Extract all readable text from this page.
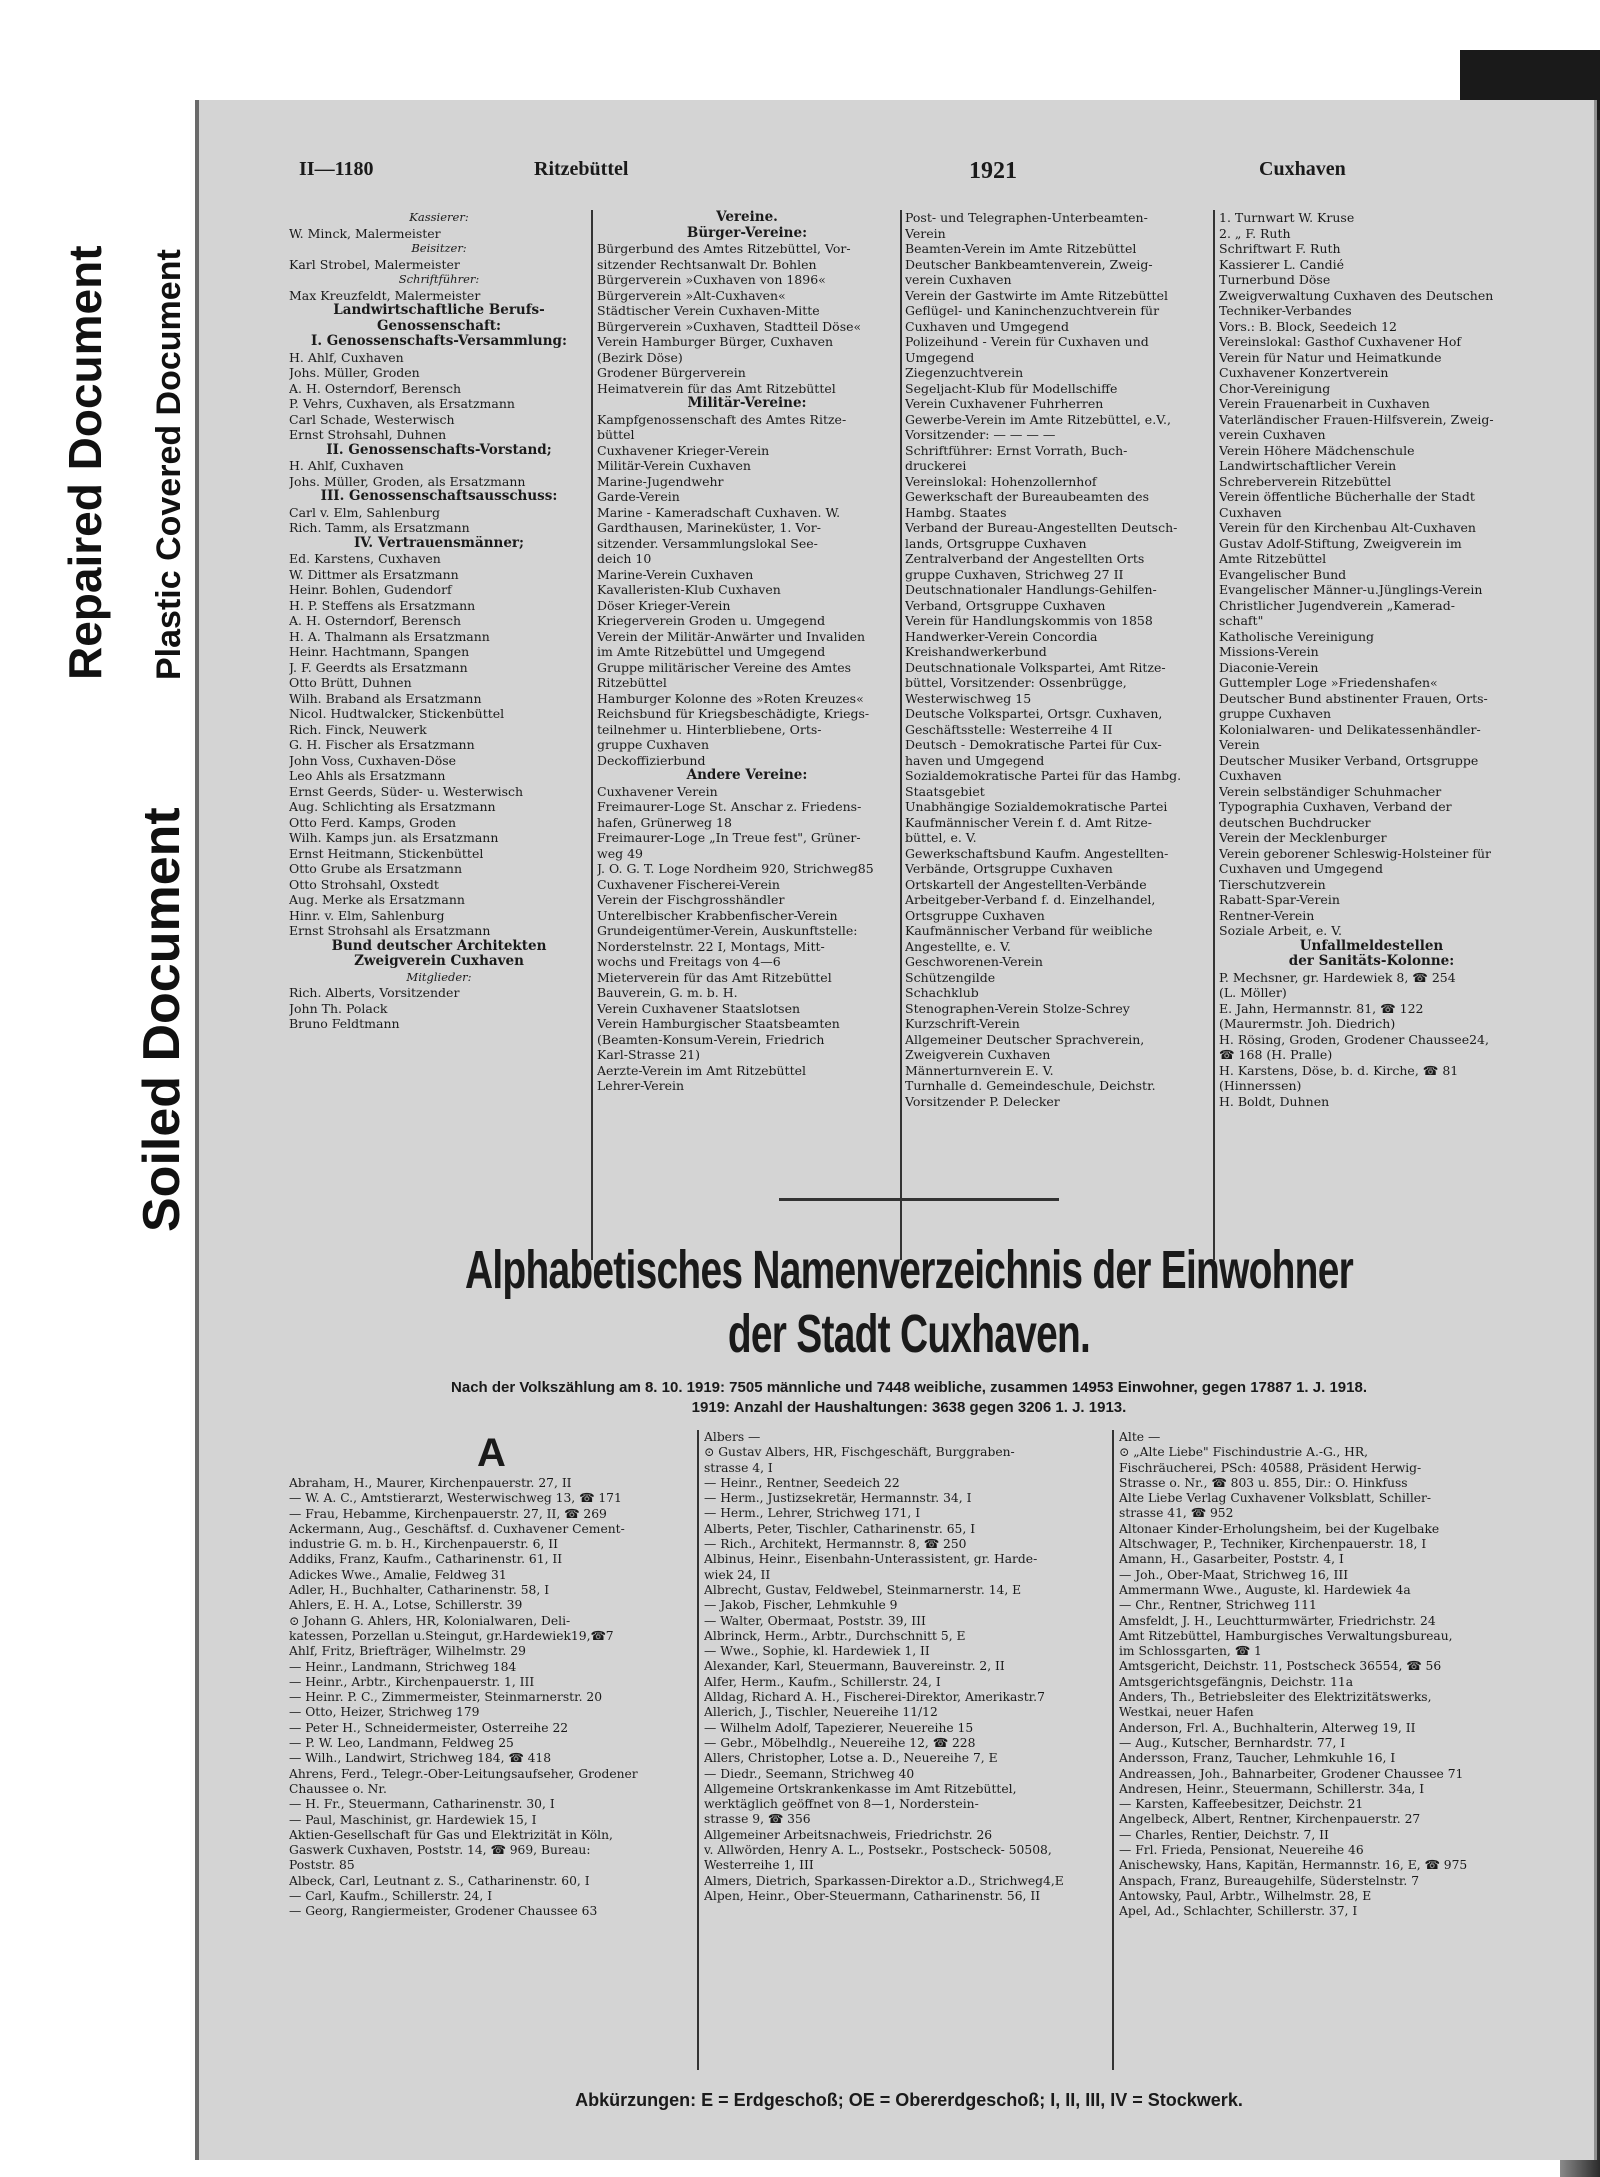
Soiled Document
Repaired Document Plastic Covered Document
II—1180	Ritzebüttel	1921	Cuxhaven
Kassierer:
W. Minck, Malermeister
Beisitzer:
Karl Strobel, Malermeister
Schriftführer:
Max Kreuzfeldt, Malermeister
Landwirtschaftliche Berufs-
Genossenschaft:
I. Genossenschafts-Versammlung:
H. Ahlf, Cuxhaven
Johs. Müller, Groden
A. H. Osterndorf, Berensch
P. Vehrs, Cuxhaven, als Ersatzmann
Carl Schade, Westerwisch
Ernst Strohsahl, Duhnen
II. Genossenschafts-Vorstand;
H. Ahlf, Cuxhaven
Johs. Müller, Groden, als Ersatzmann
III. Genossenschaftsausschuss:
Carl v. Elm, Sahlenburg
Rich. Tamm, als Ersatzmann
IV. Vertrauensmänner;
Ed. Karstens, Cuxhaven
W. Dittmer als Ersatzmann
Heinr. Bohlen, Gudendorf
H. P. Steffens als Ersatzmann
A. H. Osterndorf, Berensch
H. A. Thalmann als Ersatzmann
Heinr. Hachtmann, Spangen
J. F. Geerdts als Ersatzmann
Otto Brütt, Duhnen
Wilh. Braband als Ersatzmann
Nicol. Hudtwalcker, Stickenbüttel
Rich. Finck, Neuwerk
G. H. Fischer als Ersatzmann
John Voss, Cuxhaven-Döse
Leo Ahls als Ersatzmann
Ernst Geerds, Süder- u. Westerwisch
Aug. Schlichting als Ersatzmann
Otto Ferd. Kamps, Groden
Wilh. Kamps jun. als Ersatzmann
Ernst Heitmann, Stickenbüttel
Otto Grube als Ersatzmann
Otto Strohsahl, Oxstedt
Aug. Merke als Ersatzmann
Hinr. v. Elm, Sahlenburg
Ernst Strohsahl als Ersatzmann
Bund deutscher Architekten
Zweigverein Cuxhaven
Mitglieder:
Rich. Alberts, Vorsitzender
John Th. Polack
Bruno Feldtmann
Vereine.
Bürger-Vereine:
Bürgerbund des Amtes Ritzebüttel, Vor-
sitzender Rechtsanwalt Dr. Bohlen
Bürgerverein »Cuxhaven von 1896«
Bürgerverein »Alt-Cuxhaven«
Städtischer Verein Cuxhaven-Mitte
Bürgerverein »Cuxhaven, Stadtteil Döse«
Verein Hamburger Bürger, Cuxhaven
(Bezirk Döse)
Grodener Bürgerverein
Heimatverein für das Amt Ritzebüttel
Militär-Vereine:
Kampfgenossenschaft des Amtes Ritze-
büttel
Cuxhavener Krieger-Verein
Militär-Verein Cuxhaven
Marine-Jugendwehr
Garde-Verein
Marine - Kameradschaft Cuxhaven. W.
Gardthausen, Marineküster, 1. Vor-
sitzender. Versammlungslokal See-
deich 10
Marine-Verein Cuxhaven
Kavalleristen-Klub Cuxhaven
Döser Krieger-Verein
Kriegerverein Groden u. Umgegend
Verein der Militär-Anwärter und Invaliden
im Amte Ritzebüttel und Umgegend
Gruppe militärischer Vereine des Amtes
Ritzebüttel
Hamburger Kolonne des »Roten Kreuzes«
Reichsbund für Kriegsbeschädigte, Kriegs-
teilnehmer u. Hinterbliebene, Orts-
gruppe Cuxhaven
Deckoffizierbund
Andere Vereine:
Cuxhavener Verein
Freimaurer-Loge St. Anschar z. Friedens-
hafen, Grünerweg 18
Freimaurer-Loge „In Treue fest", Grüner-
weg 49
J. O. G. T. Loge Nordheim 920, Strichweg85
Cuxhavener Fischerei-Verein
Verein der Fischgrosshändler
Unterelbischer Krabbenfischer-Verein
Grundeigentümer-Verein, Auskunftstelle:
Norderstelnstr. 22 I, Montags, Mitt-
wochs und Freitags von 4—6
Mieterverein für das Amt Ritzebüttel
Bauverein, G. m. b. H.
Verein Cuxhavener Staatslotsen
Verein Hamburgischer Staatsbeamten
(Beamten-Konsum-Verein, Friedrich
Karl-Strasse 21)
Aerzte-Verein im Amt Ritzebüttel
Lehrer-Verein
Post- und Telegraphen-Unterbeamten-
Verein
Beamten-Verein im Amte Ritzebüttel
Deutscher Bankbeamtenverein, Zweig-
verein Cuxhaven
Verein der Gastwirte im Amte Ritzebüttel
Geflügel- und Kaninchenzuchtverein für
Cuxhaven und Umgegend
Polizeihund - Verein für Cuxhaven und
Umgegend
Ziegenzuchtverein
Segeljacht-Klub für Modellschiffe
Verein Cuxhavener Fuhrherren
Gewerbe-Verein im Amte Ritzebüttel, e.V.,
Vorsitzender: — — — —
Schriftführer: Ernst Vorrath, Buch-
druckerei
Vereinslokal: Hohenzollernhof
Gewerkschaft der Bureaubeamten des
Hambg. Staates
Verband der Bureau-Angestellten Deutsch-
lands, Ortsgruppe Cuxhaven
Zentralverband der Angestellten Orts
gruppe Cuxhaven, Strichweg 27 II
Deutschnationaler Handlungs-Gehilfen-
Verband, Ortsgruppe Cuxhaven
Verein für Handlungskommis von 1858
Handwerker-Verein Concordia
Kreishandwerkerbund
Deutschnationale Volkspartei, Amt Ritze-
büttel, Vorsitzender: Ossenbrügge,
Westerwischweg 15
Deutsche Volkspartei, Ortsgr. Cuxhaven,
Geschäftsstelle: Westerreihe 4 II
Deutsch - Demokratische Partei für Cux-
haven und Umgegend
Sozialdemokratische Partei für das Hambg.
Staatsgebiet
Unabhängige Sozialdemokratische Partei
Kaufmännischer Verein f. d. Amt Ritze-
büttel, e. V.
Gewerkschaftsbund Kaufm. Angestellten-
Verbände, Ortsgruppe Cuxhaven
Ortskartell der Angestellten-Verbände
Arbeitgeber-Verband f. d. Einzelhandel,
Ortsgruppe Cuxhaven
Kaufmännischer Verband für weibliche
Angestellte, e. V.
Geschworenen-Verein
Schützengilde
Schachklub
Stenographen-Verein Stolze-Schrey
Kurzschrift-Verein
Allgemeiner Deutscher Sprachverein,
Zweigverein Cuxhaven
Männerturnverein E. V.
Turnhalle d. Gemeindeschule, Deichstr.
Vorsitzender P. Delecker
1. Turnwart W. Kruse
2. „ F. Ruth
Schriftwart F. Ruth
Kassierer L. Candié
Turnerbund Döse
Zweigverwaltung Cuxhaven des Deutschen
Techniker-Verbandes
Vors.: B. Block, Seedeich 12
Vereinslokal: Gasthof Cuxhavener Hof
Verein für Natur und Heimatkunde
Cuxhavener Konzertverein
Chor-Vereinigung
Verein Frauenarbeit in Cuxhaven
Vaterländischer Frauen-Hilfsverein, Zweig-
verein Cuxhaven
Verein Höhere Mädchenschule
Landwirtschaftlicher Verein
Schreberverein Ritzebüttel
Verein öffentliche Bücherhalle der Stadt
Cuxhaven
Verein für den Kirchenbau Alt-Cuxhaven
Gustav Adolf-Stiftung, Zweigverein im
Amte Ritzebüttel
Evangelischer Bund
Evangelischer Männer-u.Jünglings-Verein
Christlicher Jugendverein „Kamerad-
schaft"
Katholische Vereinigung
Missions-Verein
Diaconie-Verein
Guttempler Loge »Friedenshafen«
Deutscher Bund abstinenter Frauen, Orts-
gruppe Cuxhaven
Kolonialwaren- und Delikatessenhändler-
Verein
Deutscher Musiker Verband, Ortsgruppe
Cuxhaven
Verein selbständiger Schuhmacher
Typographia Cuxhaven, Verband der
deutschen Buchdrucker
Verein der Mecklenburger
Verein geborener Schleswig-Holsteiner für
Cuxhaven und Umgegend
Tierschutzverein
Rabatt-Spar-Verein
Rentner-Verein
Soziale Arbeit, e. V.
Unfallmeldestellen
der Sanitäts-Kolonne:
P. Mechsner, gr. Hardewiek 8, ☎ 254
(L. Möller)
E. Jahn, Hermannstr. 81, ☎ 122
(Maurermstr. Joh. Diedrich)
H. Rösing, Groden, Grodener Chaussee24,
☎ 168 (H. Pralle)
H. Karstens, Döse, b. d. Kirche, ☎ 81
(Hinnerssen)
H. Boldt, Duhnen
Alphabetisches Namenverzeichnis der Einwohner
der Stadt Cuxhaven.
Nach der Volkszählung am 8. 10. 1919: 7505 männliche und 7448 weibliche, zusammen 14953 Einwohner, gegen 17887 1. J. 1918.
1919: Anzahl der Haushaltungen: 3638 gegen 3206 1. J. 1913.
A
Abraham, H., Maurer, Kirchenpauerstr. 27, II
— W. A. C., Amtstierarzt, Westerwischweg 13, ☎ 171
— Frau, Hebamme, Kirchenpauerstr. 27, II, ☎ 269
Ackermann, Aug., Geschäftsf. d. Cuxhavener Cement-
industrie G. m. b. H., Kirchenpauerstr. 6, II
Addiks, Franz, Kaufm., Catharinenstr. 61, II
Adickes Wwe., Amalie, Feldweg 31
Adler, H., Buchhalter, Catharinenstr. 58, I
Ahlers, E. H. A., Lotse, Schillerstr. 39
⊙ Johann G. Ahlers, HR, Kolonialwaren, Deli-
katessen, Porzellan u.Steingut, gr.Hardewiek19,☎7
Ahlf, Fritz, Briefträger, Wilhelmstr. 29
— Heinr., Landmann, Strichweg 184
— Heinr., Arbtr., Kirchenpauerstr. 1, III
— Heinr. P. C., Zimmermeister, Steinmarnerstr. 20
— Otto, Heizer, Strichweg 179
— Peter H., Schneidermeister, Osterreihe 22
— P. W. Leo, Landmann, Feldweg 25
— Wilh., Landwirt, Strichweg 184, ☎ 418
Ahrens, Ferd., Telegr.-Ober-Leitungsaufseher, Grodener
Chaussee o. Nr.
— H. Fr., Steuermann, Catharinenstr. 30, I
— Paul, Maschinist, gr. Hardewiek 15, I
Aktien-Gesellschaft für Gas und Elektrizität in Köln,
Gaswerk Cuxhaven, Poststr. 14, ☎ 969, Bureau:
Poststr. 85
Albeck, Carl, Leutnant z. S., Catharinenstr. 60, I
— Carl, Kaufm., Schillerstr. 24, I
— Georg, Rangiermeister, Grodener Chaussee 63
Albers —
⊙ Gustav Albers, HR, Fischgeschäft, Burggraben-
strasse 4, I
— Heinr., Rentner, Seedeich 22
— Herm., Justizsekretär, Hermannstr. 34, I
— Herm., Lehrer, Strichweg 171, I
Alberts, Peter, Tischler, Catharinenstr. 65, I
— Rich., Architekt, Hermannstr. 8, ☎ 250
Albinus, Heinr., Eisenbahn-Unterassistent, gr. Harde-
wiek 24, II
Albrecht, Gustav, Feldwebel, Steinmarnerstr. 14, E
— Jakob, Fischer, Lehmkuhle 9
— Walter, Obermaat, Poststr. 39, III
Albrinck, Herm., Arbtr., Durchschnitt 5, E
— Wwe., Sophie, kl. Hardewiek 1, II
Alexander, Karl, Steuermann, Bauvereinstr. 2, II
Alfer, Herm., Kaufm., Schillerstr. 24, I
Alldag, Richard A. H., Fischerei-Direktor, Amerikastr.7
Allerich, J., Tischler, Neuereihe 11/12
— Wilhelm Adolf, Tapezierer, Neuereihe 15
— Gebr., Möbelhdlg., Neuereihe 12, ☎ 228
Allers, Christopher, Lotse a. D., Neuereihe 7, E
— Diedr., Seemann, Strichweg 40
Allgemeine Ortskrankenkasse im Amt Ritzebüttel,
werktäglich geöffnet von 8—1, Norderstein-
strasse 9, ☎ 356
Allgemeiner Arbeitsnachweis, Friedrichstr. 26
v. Allwörden, Henry A. L., Postsekr., Postscheck- 50508,
Westerreihe 1, III
Almers, Dietrich, Sparkassen-Direktor a.D., Strichweg4,E
Alpen, Heinr., Ober-Steuermann, Catharinenstr. 56, II
Alte —
⊙ „Alte Liebe" Fischindustrie A.-G., HR,
Fischräucherei, PSch: 40588, Präsident Herwig-
Strasse o. Nr., ☎ 803 u. 855, Dir.: O. Hinkfuss
Alte Liebe Verlag Cuxhavener Volksblatt, Schiller-
strasse 41, ☎ 952
Altonaer Kinder-Erholungsheim, bei der Kugelbake
Altschwager, P., Techniker, Kirchenpauerstr. 18, I
Amann, H., Gasarbeiter, Poststr. 4, I
— Joh., Ober-Maat, Strichweg 16, III
Ammermann Wwe., Auguste, kl. Hardewiek 4a
— Chr., Rentner, Strichweg 111
Amsfeldt, J. H., Leuchtturmwärter, Friedrichstr. 24
Amt Ritzebüttel, Hamburgisches Verwaltungsbureau,
im Schlossgarten, ☎ 1
Amtsgericht, Deichstr. 11, Postscheck 36554, ☎ 56
Amtsgerichtsgefängnis, Deichstr. 11a
Anders, Th., Betriebsleiter des Elektrizitätswerks,
Westkai, neuer Hafen
Anderson, Frl. A., Buchhalterin, Alterweg 19, II
— Aug., Kutscher, Bernhardstr. 77, I
Andersson, Franz, Taucher, Lehmkuhle 16, I
Andreassen, Joh., Bahnarbeiter, Grodener Chaussee 71
Andresen, Heinr., Steuermann, Schillerstr. 34a, I
— Karsten, Kaffeebesitzer, Deichstr. 21
Angelbeck, Albert, Rentner, Kirchenpauerstr. 27
— Charles, Rentier, Deichstr. 7, II
— Frl. Frieda, Pensionat, Neuereihe 46
Anischewsky, Hans, Kapitän, Hermannstr. 16, E, ☎ 975
Anspach, Franz, Bureaugehilfe, Süderstelnstr. 7
Antowsky, Paul, Arbtr., Wilhelmstr. 28, E
Apel, Ad., Schlachter, Schillerstr. 37, I
Abkürzungen: E = Erdgeschoß; OE = Obererdgeschoß; I, II, III, IV = Stockwerk.
